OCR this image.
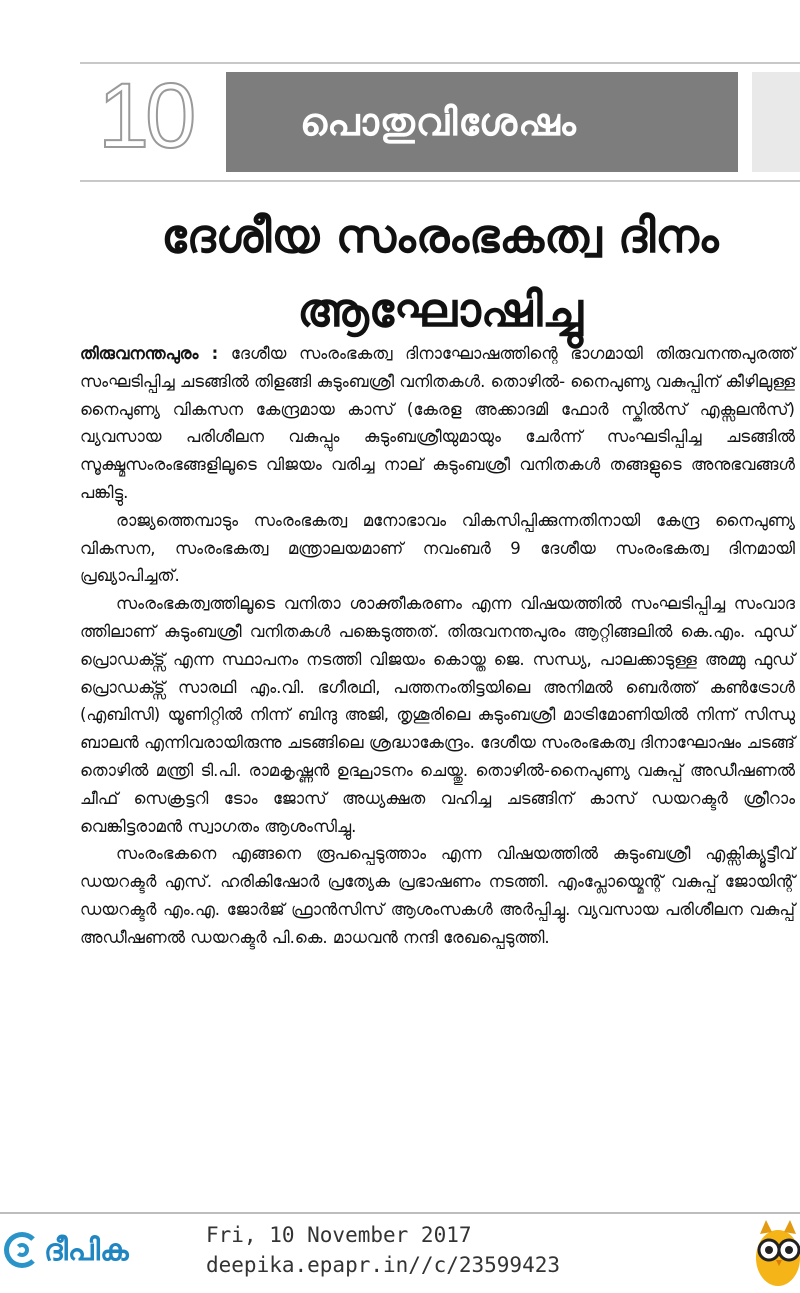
10	പൊതുവിശേഷം
ദേശീയ സംരംഭകത്വ ദിനം
ആഘോഷിച്ചു

തിരുവനന്തപുരം : ദേശീയ സംരംഭകത്വ ദിനാഘോഷത്തിന്റെ ഭാഗമായി തിരുവനന്തപുരത്ത് സംഘടിപ്പിച്ച ചടങ്ങിൽ തിളങ്ങി കുടുംബശ്രീ വനിതകൾ. തൊഴിൽ- നൈപുണ്യ വകുപ്പിന് കീഴിലുള്ള നൈപുണ്യ വികസന കേന്ദ്രമായ കാസ് (കേരള അക്കാദമി ഫോർ സ്കിൽസ് എക്സലൻസ്) വ്യവസായ പരിശീലന വകുപ്പും കുടുംബശ്രീയുമായും ചേർന്ന് സംഘടിപ്പിച്ച ചടങ്ങിൽ സൂക്ഷ്മസംരംഭങ്ങളിലൂടെ വിജയം വരിച്ച നാല് കുടുംബശ്രീ വനിതകൾ തങ്ങളുടെ അനുഭവങ്ങൾ പങ്കിട്ടു.

രാജ്യത്തെമ്പാടും സംരംഭകത്വ മനോഭാവം വികസിപ്പിക്കുന്നതിനായി കേന്ദ്ര നൈപുണ്യ വികസന, സംരംഭകത്വ മന്ത്രാലയമാണ് നവംബർ 9 ദേശീയ സംരംഭകത്വ ദിനമായി പ്രഖ്യാപിച്ചത്.

സംരംഭകത്വത്തിലൂടെ വനിതാ ശാക്തീകരണം എന്ന വിഷയത്തിൽ സംഘടിപ്പിച്ച സംവാദ ത്തിലാണ് കുടുംബശ്രീ വനിതകൾ പങ്കെടുത്തത്. തിരുവനന്തപുരം ആറ്റിങ്ങലിൽ കെ.എം. ഫുഡ് പ്രൊഡക്ട്സ് എന്ന സ്ഥാപനം നടത്തി വിജയം കൊയ്ത ജെ. സന്ധ്യ, പാലക്കാടുള്ള അമ്മു ഫുഡ് പ്രൊഡക്ട്സ് സാരഥി എം.വി. ഭഗീരഥി, പത്തനംതിട്ടയിലെ അനിമൽ ബെർത്ത് കൺട്രോൾ (എബിസി) യൂണിറ്റിൽ നിന്ന് ബിന്ദു അജി, തൃശൂരിലെ കുടുംബശ്രീ മാട്രിമോണിയിൽ നിന്ന് സിന്ധു ബാലൻ എന്നിവരായിരുന്നു ചടങ്ങിലെ ശ്രദ്ധാകേന്ദ്രം. ദേശീയ സംരംഭകത്വ ദിനാഘോഷം ചടങ്ങ് തൊഴിൽ മന്ത്രി ടി.പി. രാമകൃഷ്ണൻ ഉദ്ഘാടനം ചെയ്തു. തൊഴിൽ-നൈപുണ്യ വകുപ്പ് അഡീഷണൽ ചീഫ് സെക്രട്ടറി ടോം ജോസ് അധ്യക്ഷത വഹിച്ച ചടങ്ങിന് കാസ് ഡയറക്ടർ ശ്രീറാം വെങ്കിട്ടരാമൻ സ്വാഗതം ആശംസിച്ചു.

സംരംഭകനെ എങ്ങനെ രൂപപ്പെടുത്താം എന്ന വിഷയത്തിൽ കുടുംബശ്രീ എക്സിക്യൂട്ടീവ് ഡയറക്ടർ എസ്. ഹരികിഷോർ പ്രത്യേക പ്രഭാഷണം നടത്തി. എംപ്ലോയ്മെന്റ് വകുപ്പ് ജോയിന്റ് ഡയറക്ടർ എം.എ. ജോർജ് ഫ്രാൻസിസ് ആശംസകൾ അർപ്പിച്ചു. വ്യവസായ പരിശീലന വകുപ്പ് അഡീഷണൽ ഡയറക്ടർ പി.കെ. മാധവൻ നന്ദി രേഖപ്പെടുത്തി.

ദീപിക	Fri, 10 November 2017
deepika.epapr.in//c/23599423
